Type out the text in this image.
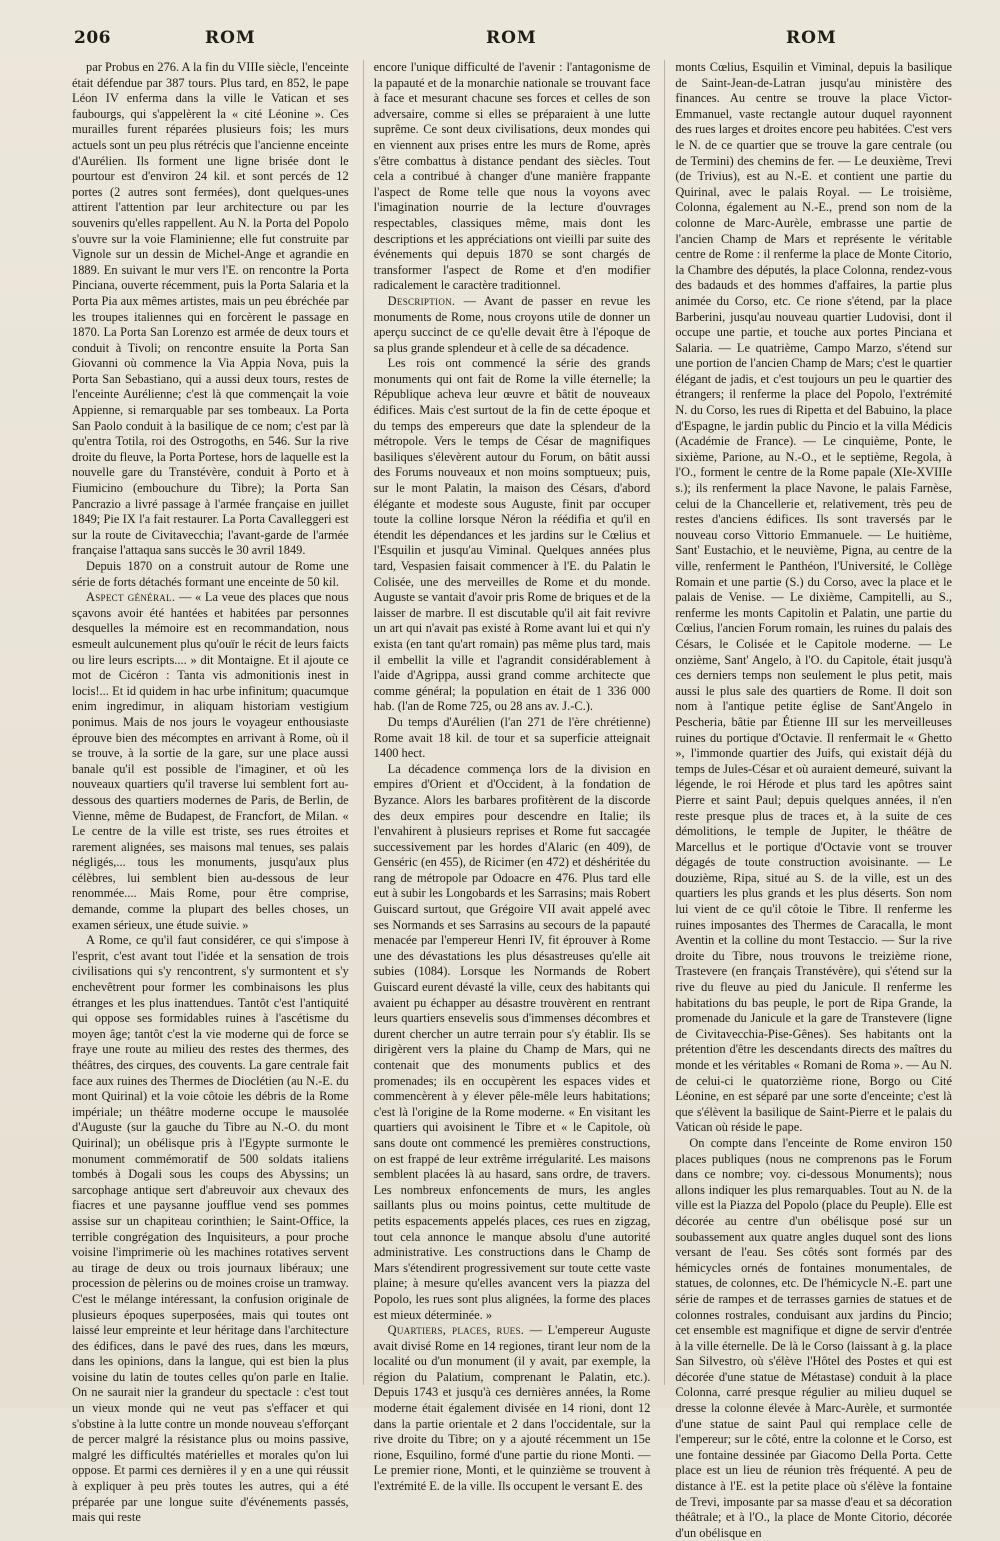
206	ROM	ROM	ROM

par Probus en 276. A la fin du VIIIe siècle, l'enceinte était défendue par 387 tours. Plus tard, en 852, le pape Léon IV enferma dans la ville le Vatican et ses faubourgs, qui s'appelèrent la « cité Léonine ». Ces murailles furent réparées plusieurs fois; les murs actuels sont un peu plus rétrécis que l'ancienne enceinte d'Aurélien. Ils forment une ligne brisée dont le pourtour est d'environ 24 kil. et sont percés de 12 portes (2 autres sont fermées), dont quelques-unes attirent l'attention par leur architecture ou par les souvenirs qu'elles rappellent. Au N. la Porta del Popolo s'ouvre sur la voie Flaminienne; elle fut construite par Vignole sur un dessin de Michel-Ange et agrandie en 1889. En suivant le mur vers l'E. on rencontre la Porta Pinciana, ouverte récemment, puis la Porta Salaria et la Porta Pia aux mêmes artistes, mais un peu ébréchée par les troupes italiennes qui en forcèrent le passage en 1870. La Porta San Lorenzo est armée de deux tours et conduit à Tivoli; on rencontre ensuite la Porta San Giovanni où commence la Via Appia Nova, puis la Porta San Sebastiano, qui a aussi deux tours, restes de l'enceinte Aurélienne; c'est là que commençait la voie Appienne, si remarquable par ses tombeaux. La Porta San Paolo conduit à la basilique de ce nom; c'est par là qu'entra Totila, roi des Ostrogoths, en 546. Sur la rive droite du fleuve, la Porta Portese, hors de laquelle est la nouvelle gare du Transtévère, conduit à Porto et à Fiumicino (embouchure du Tibre); la Porta San Pancrazio a livré passage à l'armée française en juillet 1849; Pie IX l'a fait restaurer. La Porta Cavalleggeri est sur la route de Civitavecchia; l'avant-garde de l'armée française l'attaqua sans succès le 30 avril 1849.

Depuis 1870 on a construit autour de Rome une série de forts détachés formant une enceinte de 50 kil.

Aspect général. — « La veue des places que nous sçavons avoir été hantées et habitées par personnes desquelles la mémoire est en recommandation, nous esmeult aulcunement plus qu'ouïr le récit de leurs faicts ou lire leurs escripts.... » dit Montaigne. Et il ajoute ce mot de Cicéron : Tanta vis admonitionis inest in locis!... Et id quidem in hac urbe infinitum; quacumque enim ingredimur, in aliquam historiam vestigium ponimus. Mais de nos jours le voyageur enthousiaste éprouve bien des mécomptes en arrivant à Rome, où il se trouve, à la sortie de la gare, sur une place aussi banale qu'il est possible de l'imaginer, et où les nouveaux quartiers qu'il traverse lui semblent fort au-dessous des quartiers modernes de Paris, de Berlin, de Vienne, même de Budapest, de Francfort, de Milan. « Le centre de la ville est triste, ses rues étroites et rarement alignées, ses maisons mal tenues, ses palais négligés,... tous les monuments, jusqu'aux plus célèbres, lui semblent bien au-dessous de leur renommée.... Mais Rome, pour être comprise, demande, comme la plupart des belles choses, un examen sérieux, une étude suivie. »

A Rome, ce qu'il faut considérer, ce qui s'impose à l'esprit, c'est avant tout l'idée et la sensation de trois civilisations qui s'y rencontrent, s'y surmontent et s'y enchevêtrent pour former les combinaisons les plus étranges et les plus inattendues. Tantôt c'est l'antiquité qui oppose ses formidables ruines à l'ascétisme du moyen âge; tantôt c'est la vie moderne qui de force se fraye une route au milieu des restes des thermes, des théâtres, des cirques, des couvents. La gare centrale fait face aux ruines des Thermes de Dioclétien (au N.-E. du mont Quirinal) et la voie côtoie les débris de la Rome impériale; un théâtre moderne occupe le mausolée d'Auguste (sur la gauche du Tibre au N.-O. du mont Quirinal); un obélisque pris à l'Egypte surmonte le monument commémoratif de 500 soldats italiens tombés à Dogali sous les coups des Abyssins; un sarcophage antique sert d'abreuvoir aux chevaux des fiacres et une paysanne joufflue vend ses pommes assise sur un chapiteau corinthien; le Saint-Office, la terrible congrégation des Inquisiteurs, a pour proche voisine l'imprimerie où les machines rotatives servent au tirage de deux ou trois journaux libéraux; une procession de pèlerins ou de moines croise un tramway. C'est le mélange intéressant, la confusion originale de plusieurs époques superposées, mais qui toutes ont laissé leur empreinte et leur héritage dans l'architecture des édifices, dans le pavé des rues, dans les mœurs, dans les opinions, dans la langue, qui est bien la plus voisine du latin de toutes celles qu'on parle en Italie. On ne saurait nier la grandeur du spectacle : c'est tout un vieux monde qui ne veut pas s'effacer et qui s'obstine à la lutte contre un monde nouveau s'efforçant de percer malgré la résistance plus ou moins passive, malgré les difficultés matérielles et morales qu'on lui oppose. Et parmi ces dernières il y en a une qui réussit à expliquer à peu près toutes les autres, qui a été préparée par une longue suite d'événements passés, mais qui reste

encore l'unique difficulté de l'avenir : l'antagonisme de la papauté et de la monarchie nationale se trouvant face à face et mesurant chacune ses forces et celles de son adversaire, comme si elles se préparaient à une lutte suprême. Ce sont deux civilisations, deux mondes qui en viennent aux prises entre les murs de Rome, après s'être combattus à distance pendant des siècles. Tout cela a contribué à changer d'une manière frappante l'aspect de Rome telle que nous la voyons avec l'imagination nourrie de la lecture d'ouvrages respectables, classiques même, mais dont les descriptions et les appréciations ont vieilli par suite des événements qui depuis 1870 se sont chargés de transformer l'aspect de Rome et d'en modifier radicalement le caractère traditionnel.

Description. — Avant de passer en revue les monuments de Rome, nous croyons utile de donner un aperçu succinct de ce qu'elle devait être à l'époque de sa plus grande splendeur et à celle de sa décadence.

Les rois ont commencé la série des grands monuments qui ont fait de Rome la ville éternelle; la République acheva leur œuvre et bâtit de nouveaux édifices. Mais c'est surtout de la fin de cette époque et du temps des empereurs que date la splendeur de la métropole. Vers le temps de César de magnifiques basiliques s'élevèrent autour du Forum, on bâtit aussi des Forums nouveaux et non moins somptueux; puis, sur le mont Palatin, la maison des Césars, d'abord élégante et modeste sous Auguste, finit par occuper toute la colline lorsque Néron la réédifia et qu'il en étendit les dépendances et les jardins sur le Cœlius et l'Esquilin et jusqu'au Viminal. Quelques années plus tard, Vespasien faisait commencer à l'E. du Palatin le Colisée, une des merveilles de Rome et du monde. Auguste se vantait d'avoir pris Rome de briques et de la laisser de marbre. Il est discutable qu'il ait fait revivre un art qui n'avait pas existé à Rome avant lui et qui n'y exista (en tant qu'art romain) pas même plus tard, mais il embellit la ville et l'agrandit considérablement à l'aide d'Agrippa, aussi grand comme architecte que comme général; la population en était de 1 336 000 hab. (l'an de Rome 725, ou 28 ans av. J.-C.).

Du temps d'Aurélien (l'an 271 de l'ère chrétienne) Rome avait 18 kil. de tour et sa superficie atteignait 1400 hect.

La décadence commença lors de la division en empires d'Orient et d'Occident, à la fondation de Byzance. Alors les barbares profitèrent de la discorde des deux empires pour descendre en Italie; ils l'envahirent à plusieurs reprises et Rome fut saccagée successivement par les hordes d'Alaric (en 409), de Genséric (en 455), de Ricimer (en 472) et déshéritée du rang de métropole par Odoacre en 476. Plus tard elle eut à subir les Longobards et les Sarrasins; mais Robert Guiscard surtout, que Grégoire VII avait appelé avec ses Normands et ses Sarrasins au secours de la papauté menacée par l'empereur Henri IV, fit éprouver à Rome une des dévastations les plus désastreuses qu'elle ait subies (1084). Lorsque les Normands de Robert Guiscard eurent dévasté la ville, ceux des habitants qui avaient pu échapper au désastre trouvèrent en rentrant leurs quartiers ensevelis sous d'immenses décombres et durent chercher un autre terrain pour s'y établir. Ils se dirigèrent vers la plaine du Champ de Mars, qui ne contenait que des monuments publics et des promenades; ils en occupèrent les espaces vides et commencèrent à y élever pêle-mêle leurs habitations; c'est là l'origine de la Rome moderne. « En visitant les quartiers qui avoisinent le Tibre et « le Capitole, où sans doute ont commencé les premières constructions, on est frappé de leur extrême irrégularité. Les maisons semblent placées là au hasard, sans ordre, de travers. Les nombreux enfoncements de murs, les angles saillants plus ou moins pointus, cette multitude de petits espacements appelés places, ces rues en zigzag, tout cela annonce le manque absolu d'une autorité administrative. Les constructions dans le Champ de Mars s'étendirent progressivement sur toute cette vaste plaine; à mesure qu'elles avancent vers la piazza del Popolo, les rues sont plus alignées, la forme des places est mieux déterminée. »

Quartiers, places, rues. — L'empereur Auguste avait divisé Rome en 14 regiones, tirant leur nom de la localité ou d'un monument (il y avait, par exemple, la région du Palatium, comprenant le Palatin, etc.). Depuis 1743 et jusqu'à ces dernières années, la Rome moderne était également divisée en 14 rioni, dont 12 dans la partie orientale et 2 dans l'occidentale, sur la rive droite du Tibre; on y a ajouté récemment un 15e rione, Esquilino, formé d'une partie du rione Monti. — Le premier rione, Monti, et le quinzième se trouvent à l'extrémité E. de la ville. Ils occupent le versant E. des

monts Cœlius, Esquilin et Viminal, depuis la basilique de Saint-Jean-de-Latran jusqu'au ministère des finances. Au centre se trouve la place Victor-Emmanuel, vaste rectangle autour duquel rayonnent des rues larges et droites encore peu habitées. C'est vers le N. de ce quartier que se trouve la gare centrale (ou de Termini) des chemins de fer. — Le deuxième, Trevi (de Trivius), est au N.-E. et contient une partie du Quirinal, avec le palais Royal. — Le troisième, Colonna, également au N.-E., prend son nom de la colonne de Marc-Aurèle, embrasse une partie de l'ancien Champ de Mars et représente le véritable centre de Rome : il renferme la place de Monte Citorio, la Chambre des députés, la place Colonna, rendez-vous des badauds et des hommes d'affaires, la partie plus animée du Corso, etc. Ce rione s'étend, par la place Barberini, jusqu'au nouveau quartier Ludovisi, dont il occupe une partie, et touche aux portes Pinciana et Salaria. — Le quatrième, Campo Marzo, s'étend sur une portion de l'ancien Champ de Mars; c'est le quartier élégant de jadis, et c'est toujours un peu le quartier des étrangers; il renferme la place del Popolo, l'extrémité N. du Corso, les rues di Ripetta et del Babuino, la place d'Espagne, le jardin public du Pincio et la villa Médicis (Académie de France). — Le cinquième, Ponte, le sixième, Parione, au N.-O., et le septième, Regola, à l'O., forment le centre de la Rome papale (XIe-XVIIIe s.); ils renferment la place Navone, le palais Farnèse, celui de la Chancellerie et, relativement, très peu de restes d'anciens édifices. Ils sont traversés par le nouveau corso Vittorio Emmanuele. — Le huitième, Sant' Eustachio, et le neuvième, Pigna, au centre de la ville, renferment le Panthéon, l'Université, le Collège Romain et une partie (S.) du Corso, avec la place et le palais de Venise. — Le dixième, Campitelli, au S., renferme les monts Capitolin et Palatin, une partie du Cœlius, l'ancien Forum romain, les ruines du palais des Césars, le Colisée et le Capitole moderne. — Le onzième, Sant' Angelo, à l'O. du Capitole, était jusqu'à ces derniers temps non seulement le plus petit, mais aussi le plus sale des quartiers de Rome. Il doit son nom à l'antique petite église de Sant'Angelo in Pescheria, bâtie par Étienne III sur les merveilleuses ruines du portique d'Octavie. Il renfermait le « Ghetto », l'immonde quartier des Juifs, qui existait déjà du temps de Jules-César et où auraient demeuré, suivant la légende, le roi Hérode et plus tard les apôtres saint Pierre et saint Paul; depuis quelques années, il n'en reste presque plus de traces et, à la suite de ces démolitions, le temple de Jupiter, le théâtre de Marcellus et le portique d'Octavie vont se trouver dégagés de toute construction avoisinante. — Le douzième, Ripa, situé au S. de la ville, est un des quartiers les plus grands et les plus déserts. Son nom lui vient de ce qu'il côtoie le Tibre. Il renferme les ruines imposantes des Thermes de Caracalla, le mont Aventin et la colline du mont Testaccio. — Sur la rive droite du Tibre, nous trouvons le treizième rione, Trastevere (en français Transtévère), qui s'étend sur la rive du fleuve au pied du Janicule. Il renferme les habitations du bas peuple, le port de Ripa Grande, la promenade du Janicule et la gare de Transtevere (ligne de Civitavecchia-Pise-Gênes). Ses habitants ont la prétention d'être les descendants directs des maîtres du monde et les véritables « Romani de Roma ». — Au N. de celui-ci le quatorzième rione, Borgo ou Cité Léonine, en est séparé par une sorte d'enceinte; c'est là que s'élèvent la basilique de Saint-Pierre et le palais du Vatican où réside le pape.

On compte dans l'enceinte de Rome environ 150 places publiques (nous ne comprenons pas le Forum dans ce nombre; voy. ci-dessous Monuments); nous allons indiquer les plus remarquables. Tout au N. de la ville est la Piazza del Popolo (place du Peuple). Elle est décorée au centre d'un obélisque posé sur un soubassement aux quatre angles duquel sont des lions versant de l'eau. Ses côtés sont formés par des hémicycles ornés de fontaines monumentales, de statues, de colonnes, etc. De l'hémicycle N.-E. part une série de rampes et de terrasses garnies de statues et de colonnes rostrales, conduisant aux jardins du Pincio; cet ensemble est magnifique et digne de servir d'entrée à la ville éternelle. De là le Corso (laissant à g. la place San Silvestro, où s'élève l'Hôtel des Postes et qui est décorée d'une statue de Métastase) conduit à la place Colonna, carré presque régulier au milieu duquel se dresse la colonne élevée à Marc-Aurèle, et surmontée d'une statue de saint Paul qui remplace celle de l'empereur; sur le côté, entre la colonne et le Corso, est une fontaine dessinée par Giacomo Della Porta. Cette place est un lieu de réunion très fréquenté. A peu de distance à l'E. est la petite place où s'élève la fontaine de Trevi, imposante par sa masse d'eau et sa décoration théâtrale; et à l'O., la place de Monte Citorio, décorée d'un obélisque en
